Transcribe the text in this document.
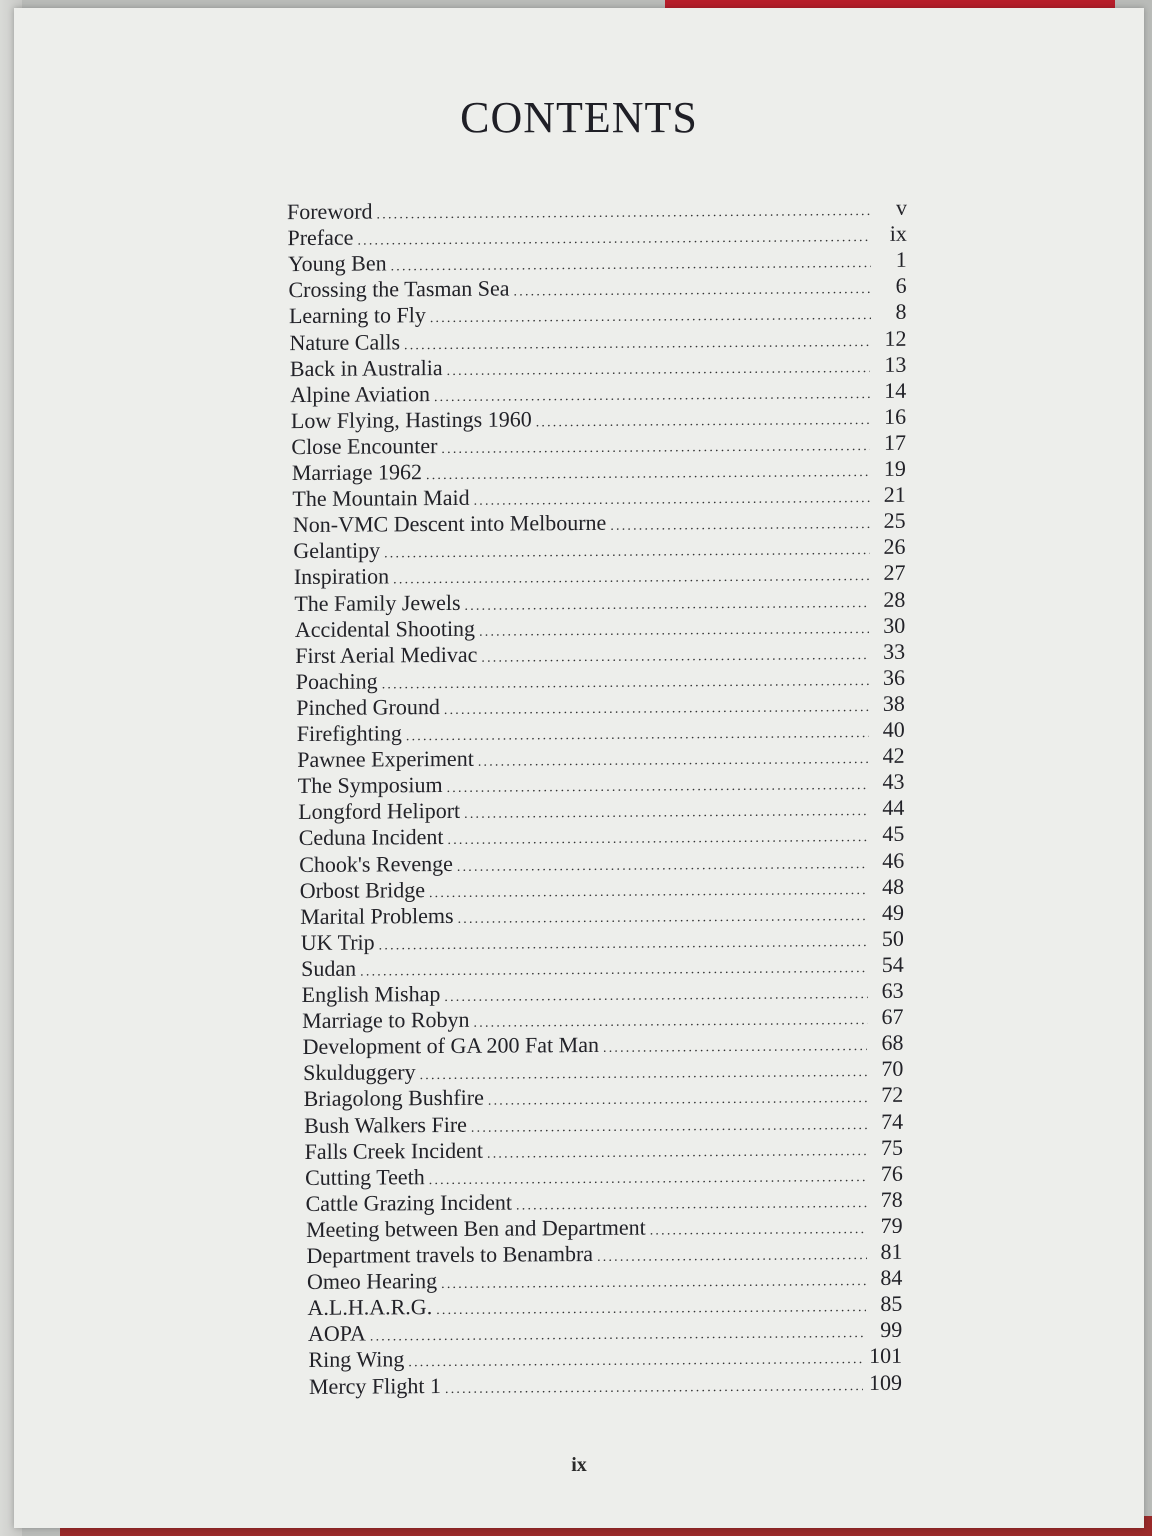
CONTENTS
Foreword .....	v
Preface .....	ix
Young Ben .....	1
Crossing the Tasman Sea .....	6
Learning to Fly .....	8
Nature Calls .....	12
Back in Australia .....	13
Alpine Aviation .....	14
Low Flying, Hastings 1960 .....	16
Close Encounter .....	17
Marriage 1962 .....	19
The Mountain Maid .....	21
Non-VMC Descent into Melbourne .....	25
Gelantipy .....	26
Inspiration .....	27
The Family Jewels .....	28
Accidental Shooting .....	30
First Aerial Medivac .....	33
Poaching .....	36
Pinched Ground .....	38
Firefighting .....	40
Pawnee Experiment .....	42
The Symposium .....	43
Longford Heliport .....	44
Ceduna Incident .....	45
Chook's Revenge .....	46
Orbost Bridge .....	48
Marital Problems .....	49
UK Trip .....	50
Sudan .....	54
English Mishap .....	63
Marriage to Robyn .....	67
Development of GA 200 Fat Man .....	68
Skulduggery .....	70
Briagolong Bushfire .....	72
Bush Walkers Fire .....	74
Falls Creek Incident .....	75
Cutting Teeth .....	76
Cattle Grazing Incident .....	78
Meeting between Ben and Department .....	79
Department travels to Benambra .....	81
Omeo Hearing .....	84
A.L.H.A.R.G. .....	85
AOPA .....	99
Ring Wing .....	101
Mercy Flight 1 .....	109
ix
